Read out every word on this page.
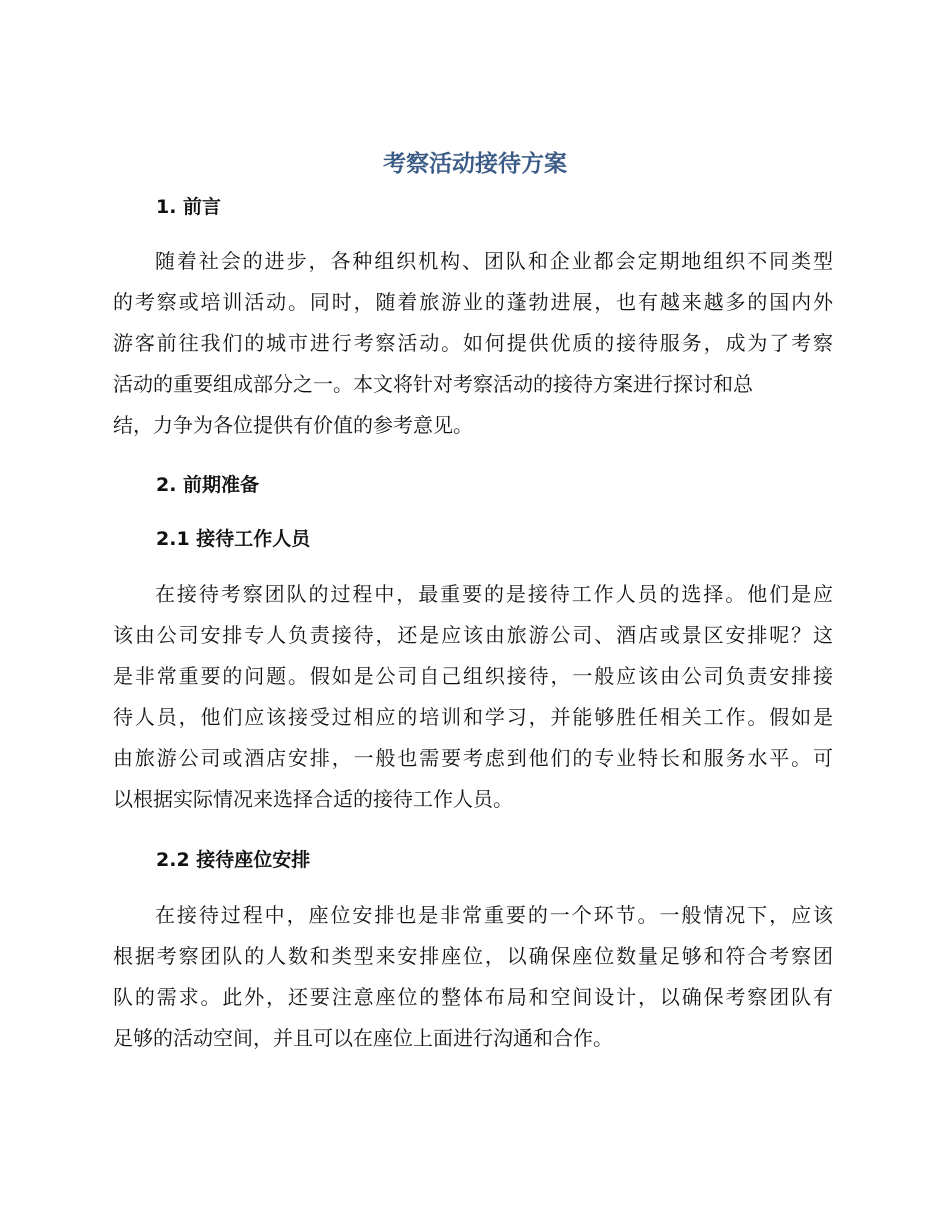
考察活动接待方案
1. 前言
随着社会的进步，各种组织机构、团队和企业都会定期地组织不同类型
的考察或培训活动。同时，随着旅游业的蓬勃进展，也有越来越多的国内外
游客前往我们的城市进行考察活动。如何提供优质的接待服务，成为了考察
活动的重要组成部分之一。本文将针对考察活动的接待方案进行探讨和总
结，力争为各位提供有价值的参考意见。
2. 前期准备
2.1 接待工作人员
在接待考察团队的过程中，最重要的是接待工作人员的选择。他们是应
该由公司安排专人负责接待，还是应该由旅游公司、酒店或景区安排呢？这
是非常重要的问题。假如是公司自己组织接待，一般应该由公司负责安排接
待人员，他们应该接受过相应的培训和学习，并能够胜任相关工作。假如是
由旅游公司或酒店安排，一般也需要考虑到他们的专业特长和服务水平。可
以根据实际情况来选择合适的接待工作人员。
2.2 接待座位安排
在接待过程中，座位安排也是非常重要的一个环节。一般情况下，应该
根据考察团队的人数和类型来安排座位，以确保座位数量足够和符合考察团
队的需求。此外，还要注意座位的整体布局和空间设计，以确保考察团队有
足够的活动空间，并且可以在座位上面进行沟通和合作。
